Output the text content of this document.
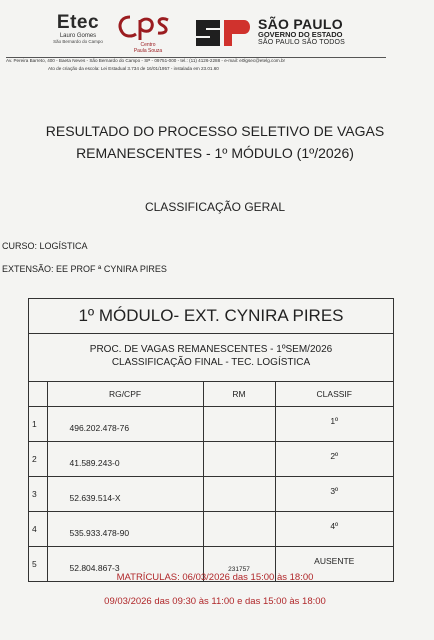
Etec
Lauro Gomes
São Bernardo do Campo
Centro
Paula Souza
SÃO PAULO
GOVERNO DO ESTADO
SÃO PAULO SÃO TODOS
Av. Pereira Barreto, 400 - Baeta Neves - São Bernardo do Campo - SP - 09751-000 - tel.: (11) 4126-2288 - e-mail: e0lgsec@etelg.com.br
Ato de criação da escola: Lei Estadual 3.734 de 16/01/1957 - instalada em 23.01.60
RESULTADO DO PROCESSO SELETIVO DE VAGAS
REMANESCENTES - 1º MÓDULO (1º/2026)
CLASSIFICAÇÃO GERAL
CURSO: LOGÍSTICA
EXTENSÃO: EE PROF ª CYNIRA PIRES
1º MÓDULO- EXT. CYNIRA PIRES
PROC. DE VAGAS REMANESCENTES - 1ºSEM/2026
CLASSIFICAÇÃO FINAL - TEC. LOGÍSTICA
	RG/CPF	RM	CLASSIF
1	496.202.478-76		1º
2	41.589.243-0		2º
3	52.639.514-X		3º
4	535.933.478-90		4º
5	52.804.867-3	231757	AUSENTE
MATRÍCULAS: 06/03/2026 das 15:00 às 18:00
09/03/2026 das 09:30 às 11:00 e das 15:00 às 18:00
